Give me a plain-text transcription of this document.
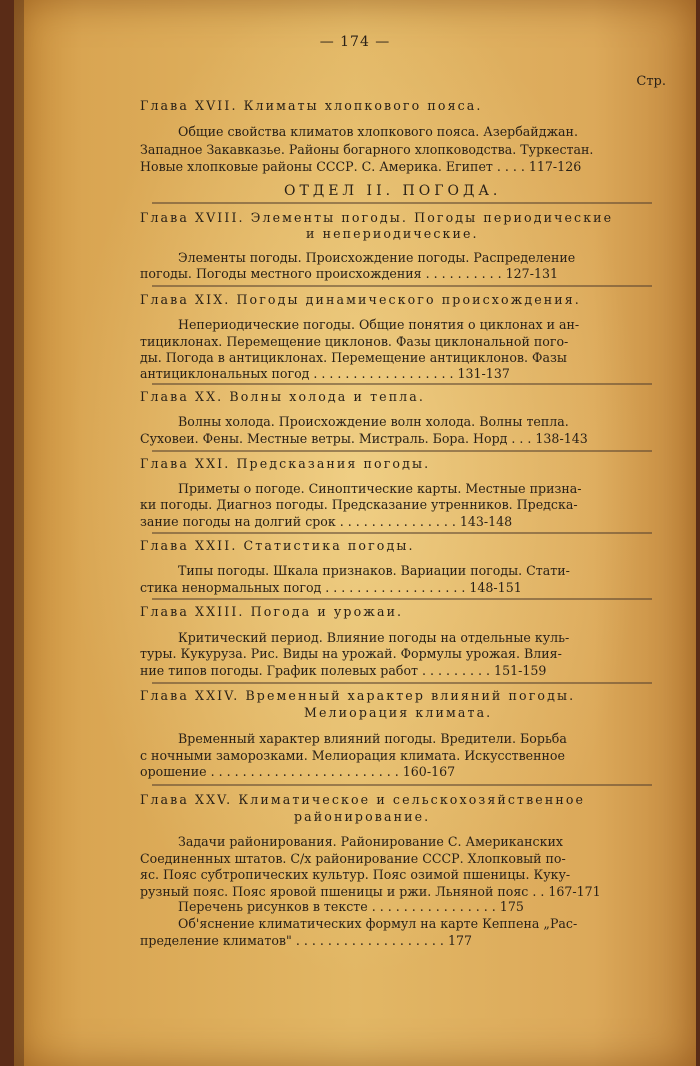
— 174 —
Стр.
Глава XVII. Климаты хлопкового пояса.
Общие свойства климатов хлопкового пояса. Азербайджан.
Западное Закавказье. Районы богарного хлопководства. Туркестан.
Новые хлопковые районы СССР. С. Америка. Египет . . . . 117-126
ОТДЕЛ II. ПОГОДА.
Глава XVIII. Элементы погоды. Погоды периодические
и непериодические.
Элементы погоды. Происхождение погоды. Распределение
погоды. Погоды местного происхождения . . . . . . . . . . 127-131
Глава XIX. Погоды динамического происхождения.
Непериодические погоды. Общие понятия о циклонах и ан-
тициклонах. Перемещение циклонов. Фазы циклональной пого-
ды. Погода в антициклонах. Перемещение антициклонов. Фазы
антициклональных погод . . . . . . . . . . . . . . . . . . 131-137
Глава XX. Волны холода и тепла.
Волны холода. Происхождение волн холода. Волны тепла.
Суховеи. Фены. Местные ветры. Мистраль. Бора. Норд . . . 138-143
Глава XXI. Предсказания погоды.
Приметы о погоде. Синоптические карты. Местные призна-
ки погоды. Диагноз погоды. Предсказание утренников. Предска-
зание погоды на долгий срок . . . . . . . . . . . . . . . 143-148
Глава XXII. Статистика погоды.
Типы погоды. Шкала признаков. Вариации погоды. Стати-
стика ненормальных погод . . . . . . . . . . . . . . . . . . 148-151
Глава XXIII. Погода и урожаи.
Критический период. Влияние погоды на отдельные куль-
туры. Кукуруза. Рис. Виды на урожай. Формулы урожая. Влия-
ние типов погоды. График полевых работ . . . . . . . . . 151-159
Глава XXIV. Временный характер влияний погоды.
Мелиорация климата.
Временный характер влияний погоды. Вредители. Борьба
с ночными заморозками. Мелиорация климата. Искусственное
орошение . . . . . . . . . . . . . . . . . . . . . . . . 160-167
Глава XXV. Климатическое и сельскохозяйственное
районирование.
Задачи районирования. Районирование С. Американских
Соединенных штатов. С/х районирование СССР. Хлопковый по-
яс. Пояс субтропических культур. Пояс озимой пшеницы. Куку-
рузный пояс. Пояс яровой пшеницы и ржи. Льняной пояс . . 167-171
Перечень рисунков в тексте . . . . . . . . . . . . . . . . 175
Об'яснение климатических формул на карте Кеппена „Рас-
пределение климатов" . . . . . . . . . . . . . . . . . . . 177
